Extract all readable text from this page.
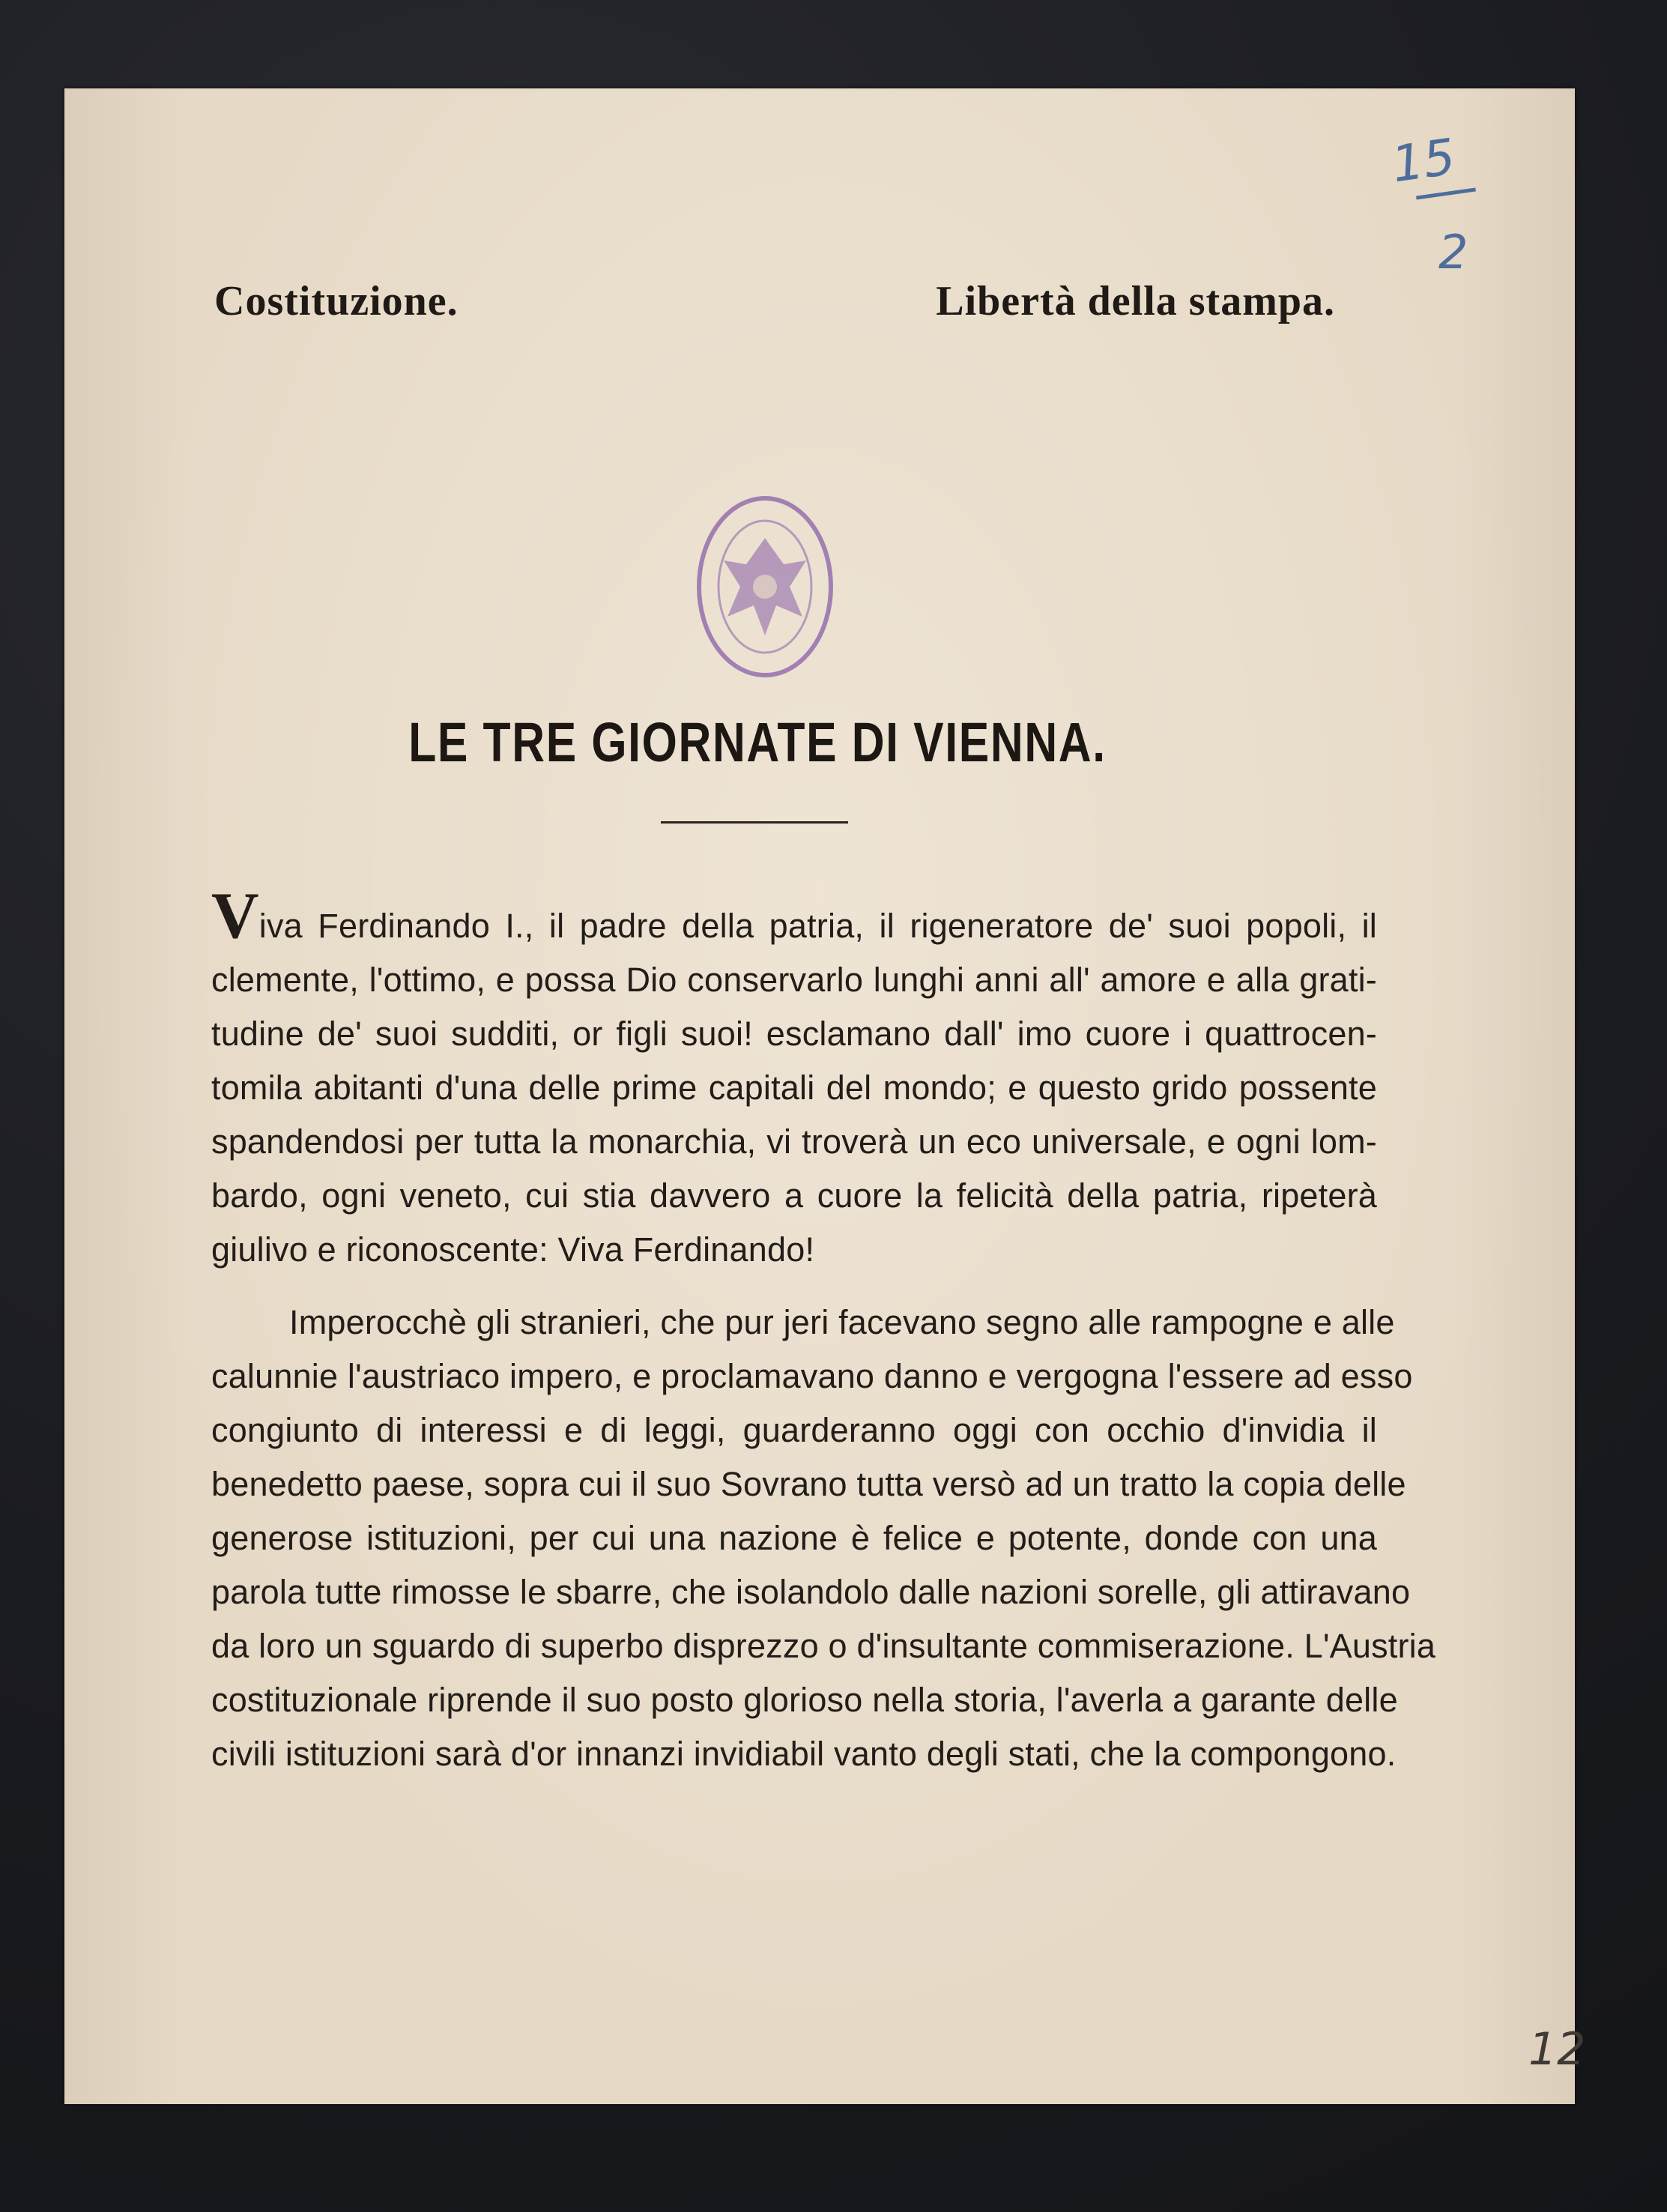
Costituzione.	Libertà della stampa.
LE TRE GIORNATE DI VIENNA.
Viva Ferdinando I., il padre della patria, il rigeneratore de' suoi popoli, il
clemente, l'ottimo, e possa Dio conservarlo lunghi anni all' amore e alla grati-
tudine de' suoi sudditi, or figli suoi! esclamano dall' imo cuore i quattrocen-
tomila abitanti d'una delle prime capitali del mondo; e questo grido possente
spandendosi per tutta la monarchia, vi troverà un eco universale, e ogni lom-
bardo, ogni veneto, cui stia davvero a cuore la felicità della patria, ripeterà
giulivo e riconoscente: Viva Ferdinando!
Imperocchè gli stranieri, che pur jeri facevano segno alle rampogne e alle
calunnie l'austriaco impero, e proclamavano danno e vergogna l'essere ad esso
congiunto di interessi e di leggi, guarderanno oggi con occhio d'invidia il
benedetto paese, sopra cui il suo Sovrano tutta versò ad un tratto la copia delle
generose istituzioni, per cui una nazione è felice e potente, donde con una
parola tutte rimosse le sbarre, che isolandolo dalle nazioni sorelle, gli attiravano
da loro un sguardo di superbo disprezzo o d'insultante commiserazione. L'Austria
costituzionale riprende il suo posto glorioso nella storia, l'averla a garante delle
civili istituzioni sarà d'or innanzi invidiabil vanto degli stati, che la compongono.
15
2
12
